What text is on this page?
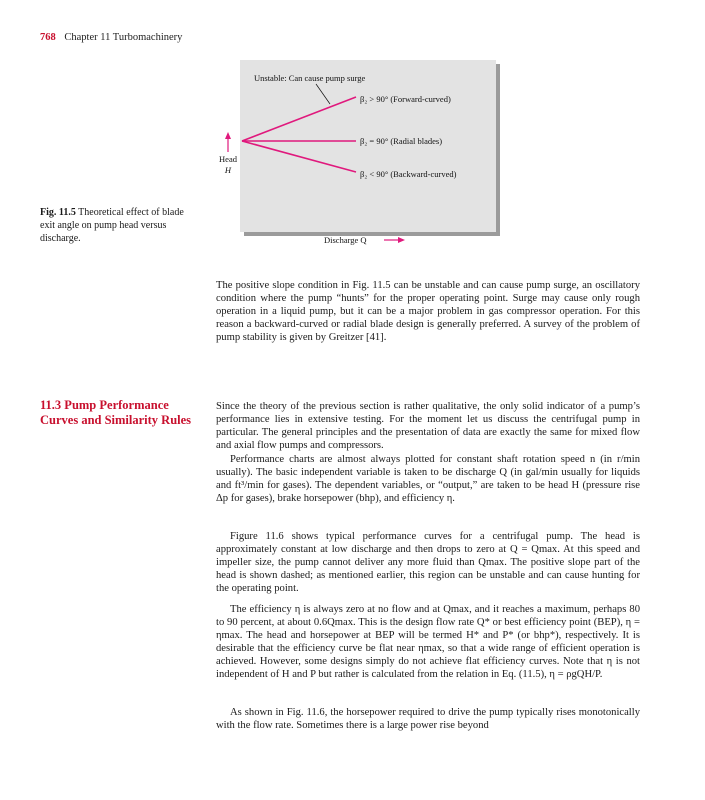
768 Chapter 11 Turbomachinery
Unstable: Can cause pump surge
β₂ > 90° (Forward-curved)
β₂ = 90° (Radial blades)
β₂ < 90° (Backward-curved)
Head
H
Discharge Q
Fig. 11.5 Theoretical effect of blade exit angle on pump head versus discharge.

The positive slope condition in Fig. 11.5 can be unstable and can cause pump surge, an oscillatory condition where the pump “hunts” for the proper operating point. Surge may cause only rough operation in a liquid pump, but it can be a major problem in gas compressor operation. For this reason a backward-curved or radial blade design is generally preferred. A survey of the problem of pump stability is given by Greitzer [41].

11.3 Pump Performance Curves and Similarity Rules

Since the theory of the previous section is rather qualitative, the only solid indicator of a pump’s performance lies in extensive testing. For the moment let us discuss the centrifugal pump in particular. The general principles and the presentation of data are exactly the same for mixed flow and axial flow pumps and compressors.

Performance charts are almost always plotted for constant shaft rotation speed n (in r/min usually). The basic independent variable is taken to be discharge Q (in gal/min usually for liquids and ft³/min for gases). The dependent variables, or “output,” are taken to be head H (pressure rise Δp for gases), brake horsepower (bhp), and efficiency η.

Figure 11.6 shows typical performance curves for a centrifugal pump. The head is approximately constant at low discharge and then drops to zero at Q = Qmax. At this speed and impeller size, the pump cannot deliver any more fluid than Qmax. The positive slope part of the head is shown dashed; as mentioned earlier, this region can be unstable and can cause hunting for the operating point.

The efficiency η is always zero at no flow and at Qmax, and it reaches a maximum, perhaps 80 to 90 percent, at about 0.6Qmax. This is the design flow rate Q* or best efficiency point (BEP), η = ηmax. The head and horsepower at BEP will be termed H* and P* (or bhp*), respectively. It is desirable that the efficiency curve be flat near ηmax, so that a wide range of efficient operation is achieved. However, some designs simply do not achieve flat efficiency curves. Note that η is not independent of H and P but rather is calculated from the relation in Eq. (11.5), η = ρgQH/P.

As shown in Fig. 11.6, the horsepower required to drive the pump typically rises monotonically with the flow rate. Sometimes there is a large power rise beyond
